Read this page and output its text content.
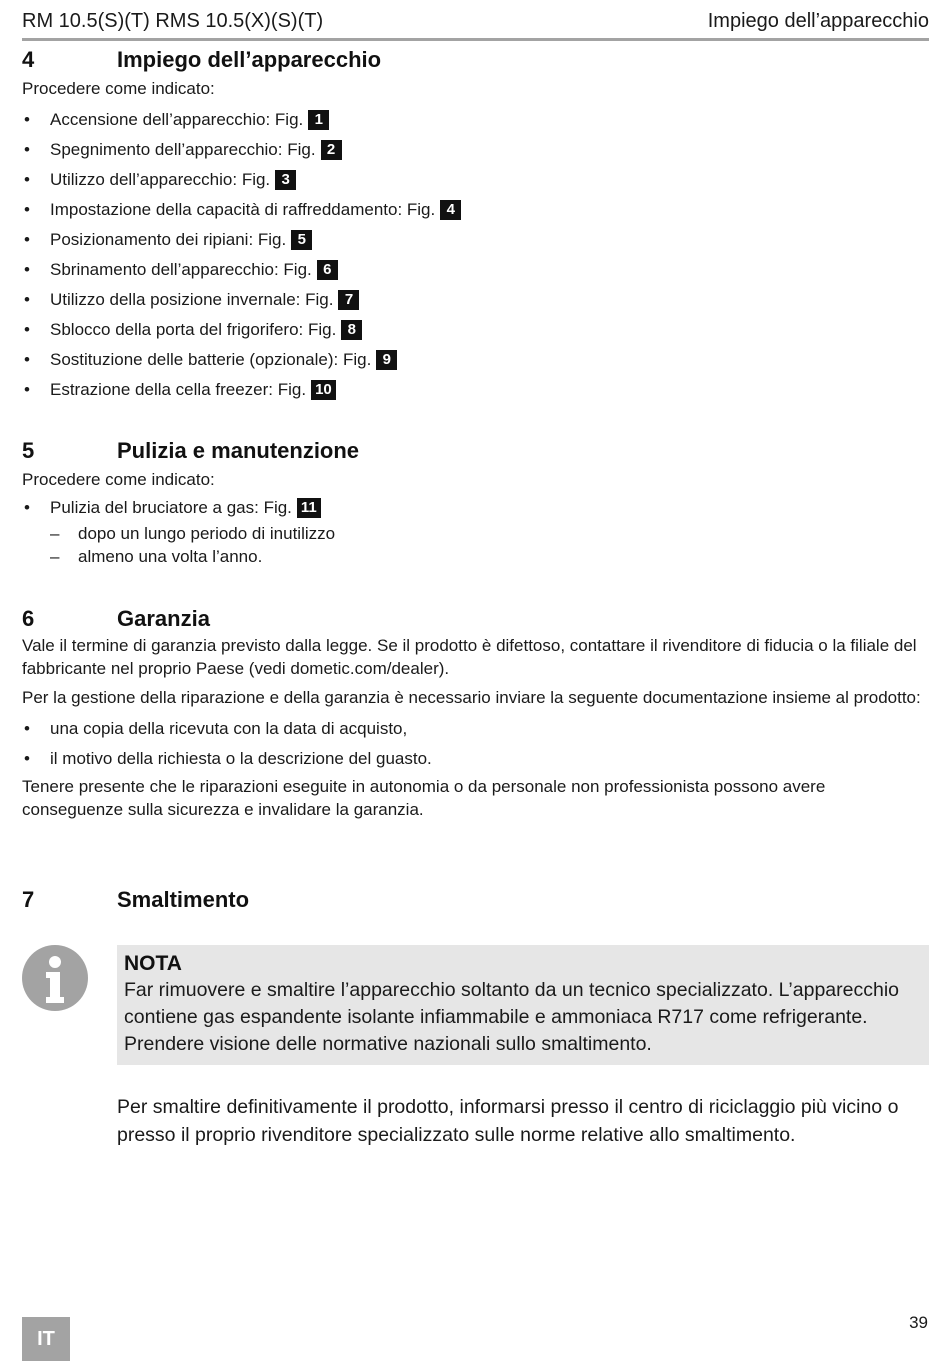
RM 10.5(S)(T) RMS 10.5(X)(S)(T)	Impiego dell’apparecchio
4	Impiego dell’apparecchio

Procedere come indicato:

• Accensione dell’apparecchio: Fig. 1
• Spegnimento dell’apparecchio: Fig. 2
• Utilizzo dell’apparecchio: Fig. 3
• Impostazione della capacità di raffreddamento: Fig. 4
• Posizionamento dei ripiani: Fig. 5
• Sbrinamento dell’apparecchio: Fig. 6
• Utilizzo della posizione invernale: Fig. 7
• Sblocco della porta del frigorifero: Fig. 8
• Sostituzione delle batterie (opzionale): Fig. 9
• Estrazione della cella freezer: Fig. 10
5	Pulizia e manutenzione

Procedere come indicato:

• Pulizia del bruciatore a gas: Fig. 11
– dopo un lungo periodo di inutilizzo
– almeno una volta l’anno.
6	Garanzia

Vale il termine di garanzia previsto dalla legge. Se il prodotto è difettoso, contattare il rivenditore di fiducia o la filiale del fabbricante nel proprio Paese (vedi dometic.com/dealer).

Per la gestione della riparazione e della garanzia è necessario inviare la seguente documentazione insieme al prodotto:

• una copia della ricevuta con la data di acquisto,
• il motivo della richiesta o la descrizione del guasto.

Tenere presente che le riparazioni eseguite in autonomia o da personale non professionista possono avere conseguenze sulla sicurezza e invalidare la garanzia.

7	Smaltimento
NOTA
Far rimuovere e smaltire l’apparecchio soltanto da un tecnico specializzato. L’apparecchio contiene gas espandente isolante infiammabile e ammoniaca R717 come refrigerante. Prendere visione delle normative nazionali sullo smaltimento.
Per smaltire definitivamente il prodotto, informarsi presso il centro di riciclaggio più vicino o presso il proprio rivenditore specializzato sulle norme relative allo smaltimento.
IT
39
